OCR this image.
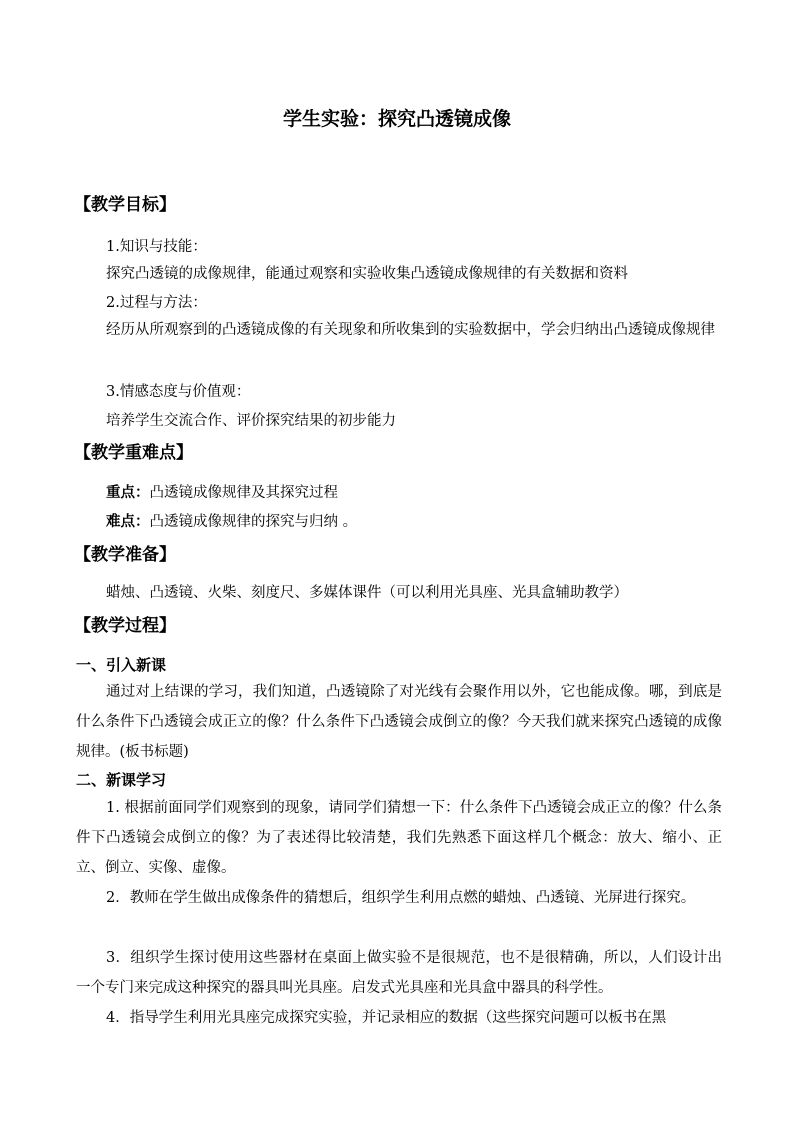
学生实验：探究凸透镜成像
【教学目标】
1.知识与技能：
探究凸透镜的成像规律，能通过观察和实验收集凸透镜成像规律的有关数据和资料
2.过程与方法：
经历从所观察到的凸透镜成像的有关现象和所收集到的实验数据中，学会归纳出凸透镜成像规律
3.情感态度与价值观：
培养学生交流合作、评价探究结果的初步能力
【教学重难点】
重点：凸透镜成像规律及其探究过程
难点：凸透镜成像规律的探究与归纳 。
【教学准备】
蜡烛、凸透镜、火柴、刻度尺、多媒体课件（可以利用光具座、光具盒辅助教学）
【教学过程】
一、引入新课
通过对上结课的学习，我们知道，凸透镜除了对光线有会聚作用以外，它也能成像。哪，到底是什么条件下凸透镜会成正立的像？什么条件下凸透镜会成倒立的像？今天我们就来探究凸透镜的成像规律。(板书标题)
二、新课学习
1. 根据前面同学们观察到的现象，请同学们猜想一下：什么条件下凸透镜会成正立的像？什么条件下凸透镜会成倒立的像？为了表述得比较清楚，我们先熟悉下面这样几个概念：放大、缩小、正立、倒立、实像、虚像。
2．教师在学生做出成像条件的猜想后，组织学生利用点燃的蜡烛、凸透镜、光屏进行探究。
3．组织学生探讨使用这些器材在桌面上做实验不是很规范，也不是很精确，所以，人们设计出一个专门来完成这种探究的器具叫光具座。启发式光具座和光具盒中器具的科学性。
4．指导学生利用光具座完成探究实验，并记录相应的数据（这些探究问题可以板书在黑
